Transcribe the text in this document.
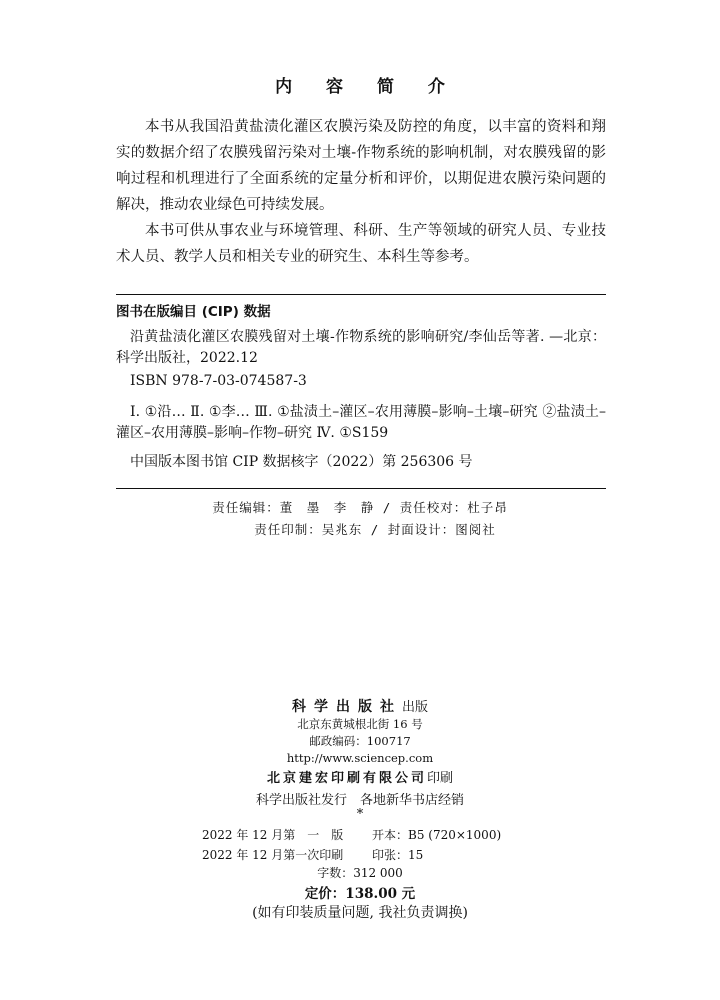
内 容 简 介

本书从我国沿黄盐渍化灌区农膜污染及防控的角度，以丰富的资料和翔实的数据介绍了农膜残留污染对土壤-作物系统的影响机制，对农膜残留的影响过程和机理进行了全面系统的定量分析和评价，以期促进农膜污染问题的解决，推动农业绿色可持续发展。

本书可供从事农业与环境管理、科研、生产等领域的研究人员、专业技术人员、教学人员和相关专业的研究生、本科生等参考。

图书在版编目 (CIP) 数据

沿黄盐渍化灌区农膜残留对土壤-作物系统的影响研究/李仙岳等著. —北京：科学出版社，2022.12

ISBN 978-7-03-074587-3

Ⅰ. ①沿… Ⅱ. ①李… Ⅲ. ①盐渍土–灌区–农用薄膜–影响–土壤–研究 ②盐渍土–灌区–农用薄膜–影响–作物–研究 Ⅳ. ①S159

中国版本图书馆 CIP 数据核字（2022）第 256306 号

责任编辑：董　墨　李　静 / 责任校对：杜子昂
责任印制：吴兆东 / 封面设计：图阅社
科学出版社出版
北京东黄城根北街 16 号
邮政编码：100717
http://www.sciencep.com
北京建宏印刷有限公司印刷
科学出版社发行　各地新华书店经销
*
2022 年 12 月第　一　版 开本：B5 (720×1000)
2022 年 12 月第一次印刷 印张：15
字数：312 000
定价：138.00 元
(如有印装质量问题, 我社负责调换)
